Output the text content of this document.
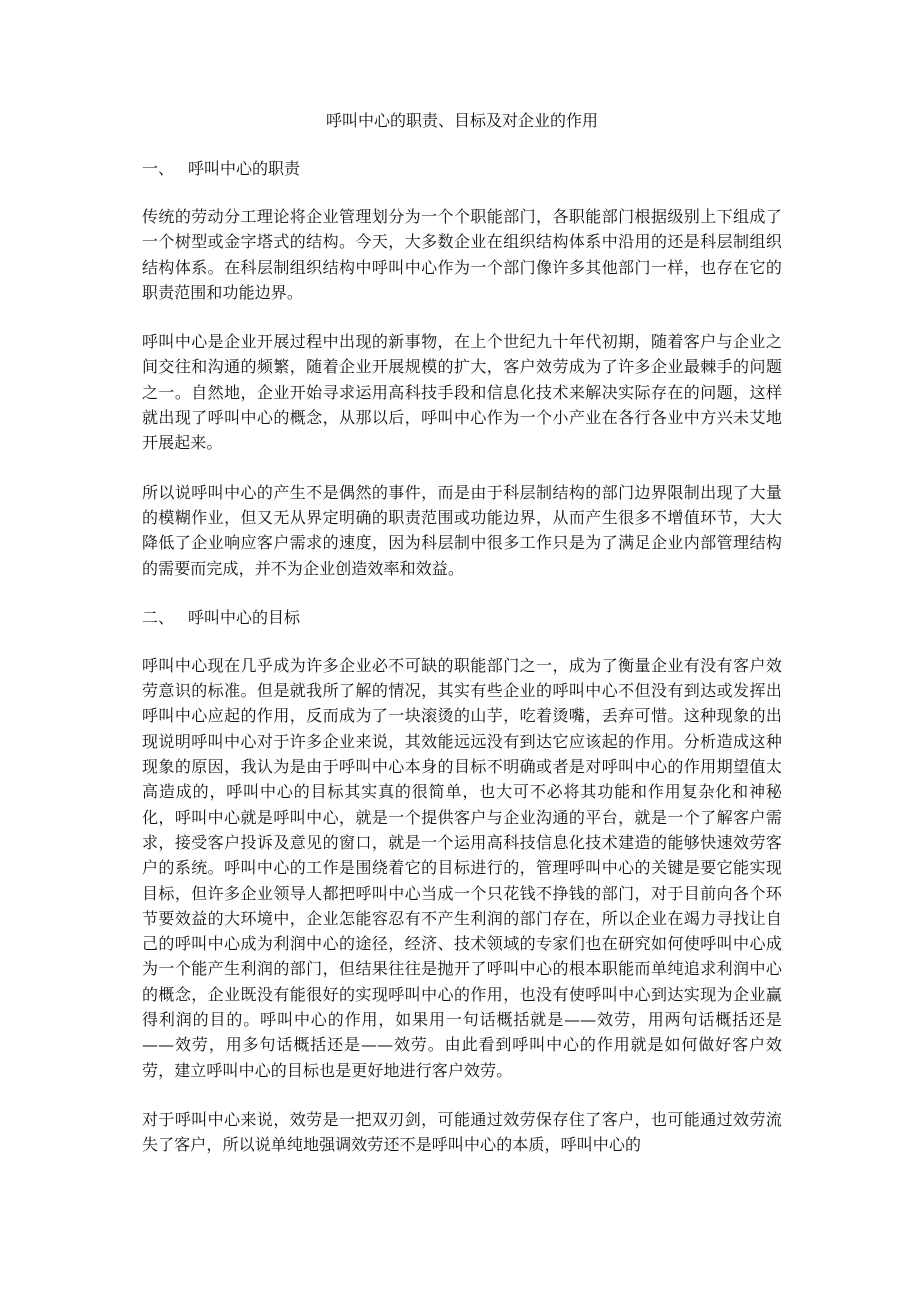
呼叫中心的职责、目标及对企业的作用
一、 呼叫中心的职责

传统的劳动分工理论将企业管理划分为一个个职能部门，各职能部门根据级别上下组成了一个树型或金字塔式的结构。今天，大多数企业在组织结构体系中沿用的还是科层制组织结构体系。在科层制组织结构中呼叫中心作为一个部门像许多其他部门一样，也存在它的职责范围和功能边界。

呼叫中心是企业开展过程中出现的新事物，在上个世纪九十年代初期，随着客户与企业之间交往和沟通的频繁，随着企业开展规模的扩大，客户效劳成为了许多企业最棘手的问题之一。自然地，企业开始寻求运用高科技手段和信息化技术来解决实际存在的问题，这样就出现了呼叫中心的概念，从那以后，呼叫中心作为一个小产业在各行各业中方兴未艾地开展起来。

所以说呼叫中心的产生不是偶然的事件，而是由于科层制结构的部门边界限制出现了大量的模糊作业，但又无从界定明确的职责范围或功能边界，从而产生很多不增值环节，大大降低了企业响应客户需求的速度，因为科层制中很多工作只是为了满足企业内部管理结构的需要而完成，并不为企业创造效率和效益。

二、 呼叫中心的目标

呼叫中心现在几乎成为许多企业必不可缺的职能部门之一，成为了衡量企业有没有客户效劳意识的标准。但是就我所了解的情况，其实有些企业的呼叫中心不但没有到达或发挥出呼叫中心应起的作用，反而成为了一块滚烫的山芋，吃着烫嘴，丢弃可惜。这种现象的出现说明呼叫中心对于许多企业来说，其效能远远没有到达它应该起的作用。分析造成这种现象的原因，我认为是由于呼叫中心本身的目标不明确或者是对呼叫中心的作用期望值太高造成的，呼叫中心的目标其实真的很简单，也大可不必将其功能和作用复杂化和神秘化，呼叫中心就是呼叫中心，就是一个提供客户与企业沟通的平台，就是一个了解客户需求，接受客户投诉及意见的窗口，就是一个运用高科技信息化技术建造的能够快速效劳客户的系统。呼叫中心的工作是围绕着它的目标进行的，管理呼叫中心的关键是要它能实现目标，但许多企业领导人都把呼叫中心当成一个只花钱不挣钱的部门，对于目前向各个环节要效益的大环境中，企业怎能容忍有不产生利润的部门存在，所以企业在竭力寻找让自己的呼叫中心成为利润中心的途径，经济、技术领域的专家们也在研究如何使呼叫中心成为一个能产生利润的部门，但结果往往是抛开了呼叫中心的根本职能而单纯追求利润中心的概念，企业既没有能很好的实现呼叫中心的作用，也没有使呼叫中心到达实现为企业赢得利润的目的。呼叫中心的作用，如果用一句话概括就是——效劳，用两句话概括还是——效劳，用多句话概括还是——效劳。由此看到呼叫中心的作用就是如何做好客户效劳，建立呼叫中心的目标也是更好地进行客户效劳。

对于呼叫中心来说，效劳是一把双刃剑，可能通过效劳保存住了客户，也可能通过效劳流失了客户，所以说单纯地强调效劳还不是呼叫中心的本质，呼叫中心的
